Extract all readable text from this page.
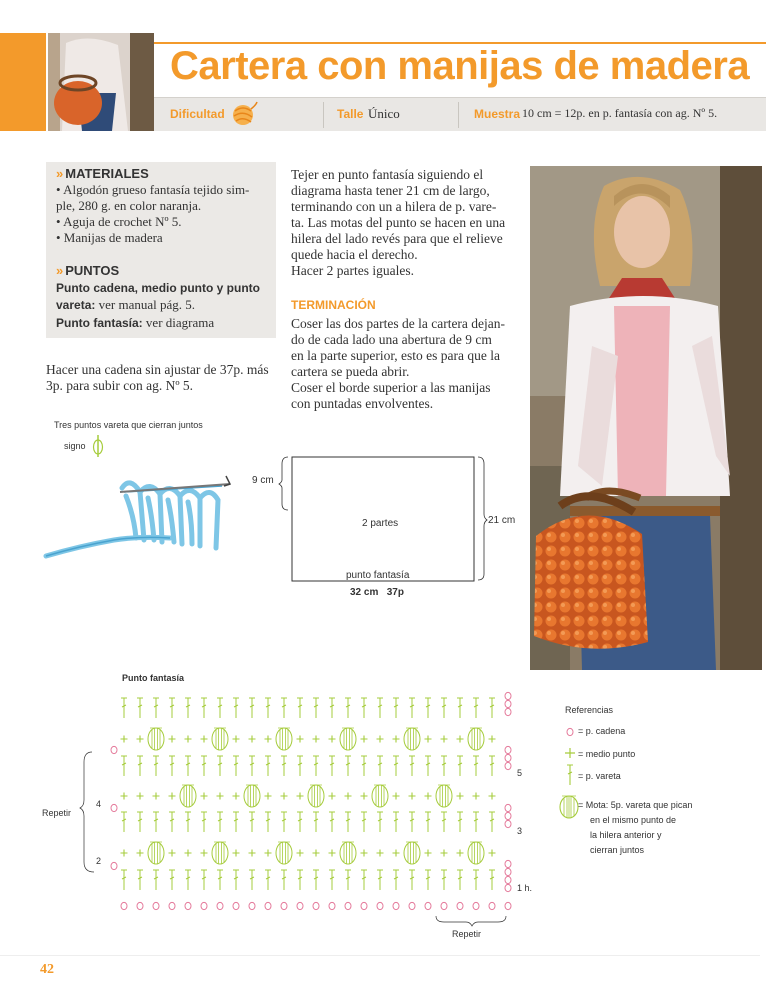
Cartera con manijas de madera
Dificultad	Talle Único	Muestra 10 cm = 12p. en p. fantasía con ag. Nº 5.
» MATERIALES
• Algodón grueso fantasía tejido sim-
ple, 280 g. en color naranja.
• Aguja de crochet Nº 5.
• Manijas de madera
» PUNTOS
Punto cadena, medio punto y punto
vareta: ver manual pág. 5.
Punto fantasía: ver diagrama
Hacer una cadena sin ajustar de 37p. más
3p. para subir con ag. Nº 5.
Tejer en punto fantasía siguiendo el
diagrama hasta tener 21 cm de largo,
terminando con un a hilera de p. vare-
ta. Las motas del punto se hacen en una
hilera del lado revés para que el relieve
quede hacia el derecho.
Hacer 2 partes iguales.
TERMINACIÓN
Coser las dos partes de la cartera dejan-
do de cada lado una abertura de 9 cm
en la parte superior, esto es para que la
cartera se pueda abrir.
Coser el borde superior a las manijas
con puntadas envolventes.
Tres puntos vareta que cierran juntos
signo
9 cm
21 cm
2 partes
punto fantasía
32 cm   37p
Punto fantasía
Repetir
Repetir
1 h.
2
3
4
5
Referencias
= p. cadena
= medio punto
= p. vareta
= Mota: 5p. vareta que pican
en el mismo punto de
la hilera anterior y
cierran juntos
42
